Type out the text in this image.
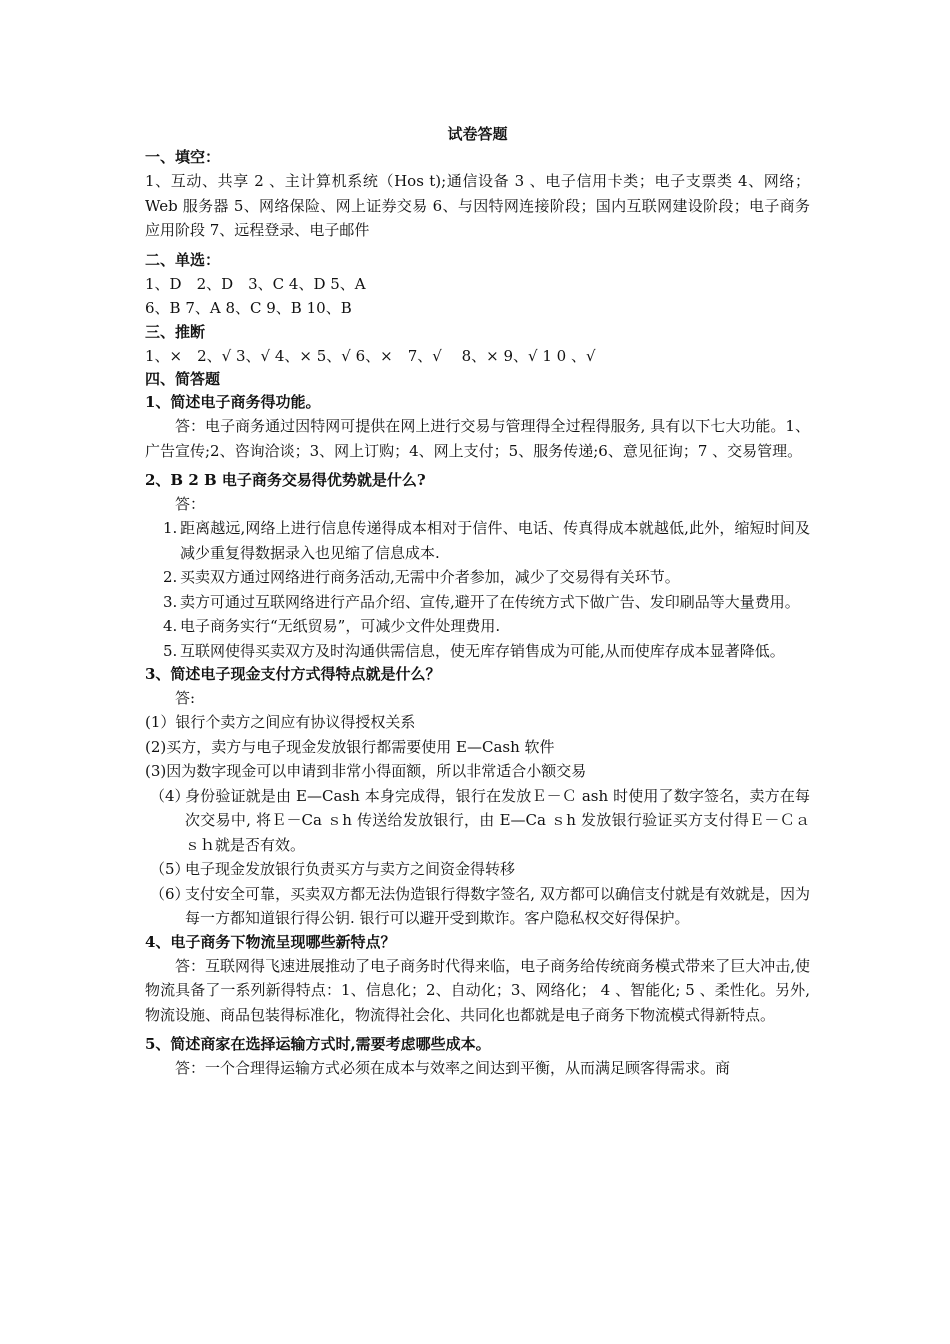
试卷答题
一、填空：
1、互动、共享 2 、主计算机系统（Hos t);通信设备 3 、电子信用卡类；电子支票类 4、网络；Web 服务器 5、网络保险、网上证券交易 6、与因特网连接阶段；国内互联网建设阶段；电子商务应用阶段 7、远程登录、电子邮件
二、单选：
1、D　2、D　3、C 4、D 5、A
6、B 7、A 8、C 9、B 10、B
三、推断
1、×　2、√ 3、√ 4、× 5、√ 6、×　7、√　 8、× 9、√ 1 0 、√
四、简答题
1、简述电子商务得功能。
答：电子商务通过因特网可提供在网上进行交易与管理得全过程得服务, 具有以下七大功能。1、广告宣传;2、咨询洽谈；3、网上订购；4、网上支付；5、服务传递;6、意见征询；7 、交易管理。
2、B 2 B 电子商务交易得优势就是什么?
答：
1. 距离越远,网络上进行信息传递得成本相对于信件、电话、传真得成本就越低,此外，缩短时间及减少重复得数据录入也见缩了信息成本.
2. 买卖双方通过网络进行商务活动,无需中介者参加，减少了交易得有关环节。
3. 卖方可通过互联网络进行产品介绍、宣传,避开了在传统方式下做广告、发印刷品等大量费用。
4. 电子商务实行“无纸贸易”，可减少文件处理费用.
5. 互联网使得买卖双方及时沟通供需信息，使无库存销售成为可能,从而使库存成本显著降低。
3、简述电子现金支付方式得特点就是什么？
答:
(1）银行个卖方之间应有协议得授权关系
(2)买方，卖方与电子现金发放银行都需要使用 E—Cash 软件
(3)因为数字现金可以申请到非常小得面额，所以非常适合小额交易
（4）
身份验证就是由 E—Cash 本身完成得，银行在发放Ｅ－Ｃ ash 时使用了数字签名，卖方在每次交易中, 将Ｅ－Ca ｓh 传送给发放银行，由 E—Ca ｓh 发放银行验证买方支付得Ｅ－Ｃａｓｈ就是否有效。
（5）
电子现金发放银行负责买方与卖方之间资金得转移
（6）
支付安全可靠，买卖双方都无法伪造银行得数字签名, 双方都可以确信支付就是有效就是，因为每一方都知道银行得公钥. 银行可以避开受到欺诈。客户隐私权交好得保护。
4、电子商务下物流呈现哪些新特点？
答：互联网得飞速进展推动了电子商务时代得来临，电子商务给传统商务模式带来了巨大冲击,使物流具备了一系列新得特点：1、信息化；2、自动化；3、网络化； 4 、智能化; 5 、柔性化。另外,物流设施、商品包装得标准化，物流得社会化、共同化也都就是电子商务下物流模式得新特点。
5、简述商家在选择运输方式时,需要考虑哪些成本。
答：一个合理得运输方式必须在成本与效率之间达到平衡，从而满足顾客得需求。商
